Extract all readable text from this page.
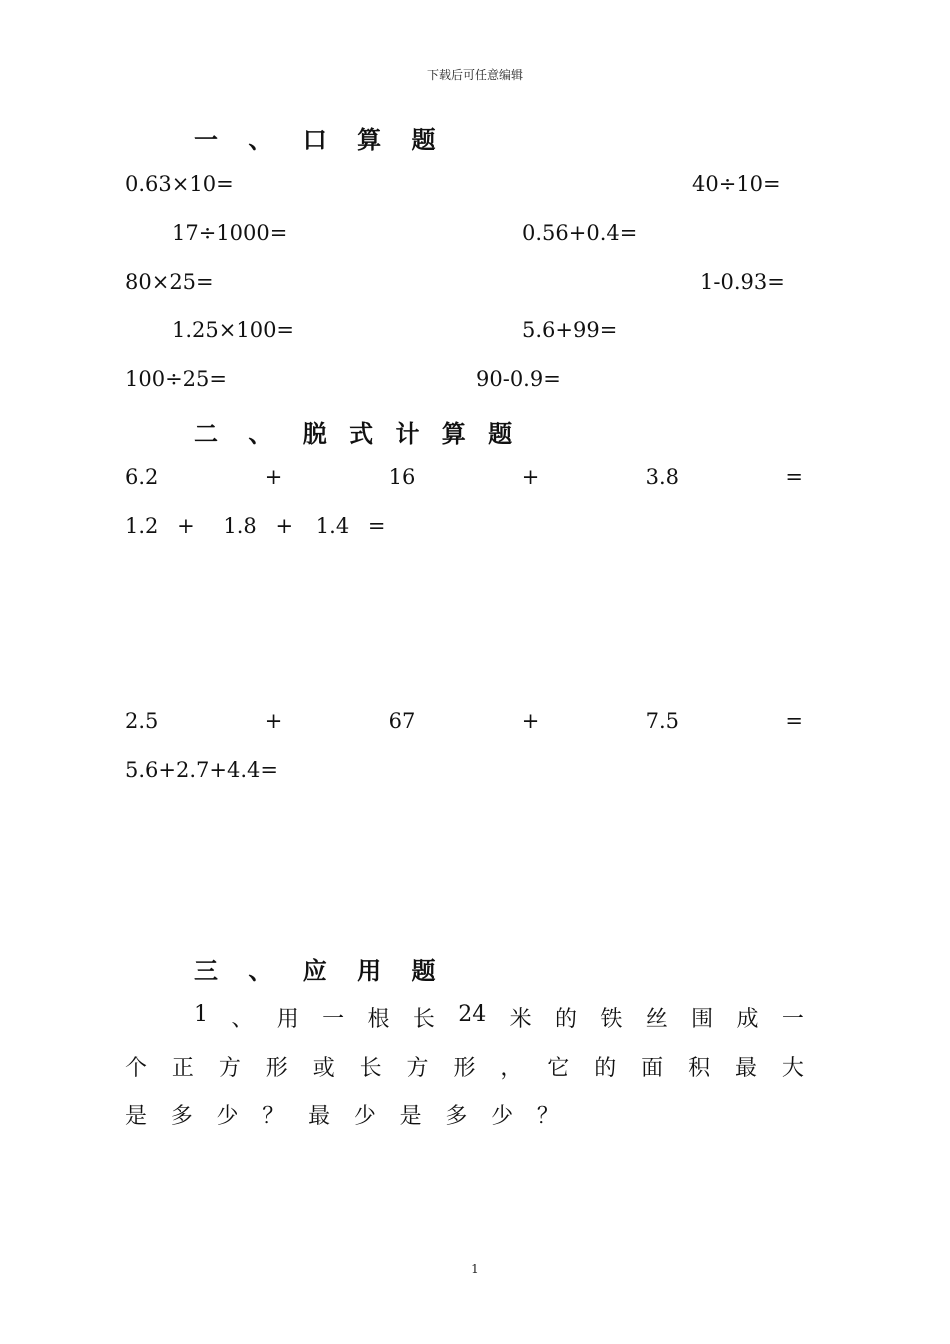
下载后可任意编辑
一 、 口 算 题
0.63×10=	40÷10=
17÷1000=	0.56+0.4=
80×25=	1-0.93=
1.25×100=	5.6+99=
100÷25=	90-0.9=
二 、 脱 式 计 算 题
6.2	+	16	+	3.8	=
1.2 + 1.8 + 1.4 =
2.5	+	67	+	7.5	=
5.6+2.7+4.4=
三 、 应 用 题
1 、 用 一 根 长 24 米 的 铁 丝 围 成 一
个 正 方 形 或 长 方 形 ， 它 的 面 积 最 大
是 多 少 ？ 最 少 是 多 少 ？
1
